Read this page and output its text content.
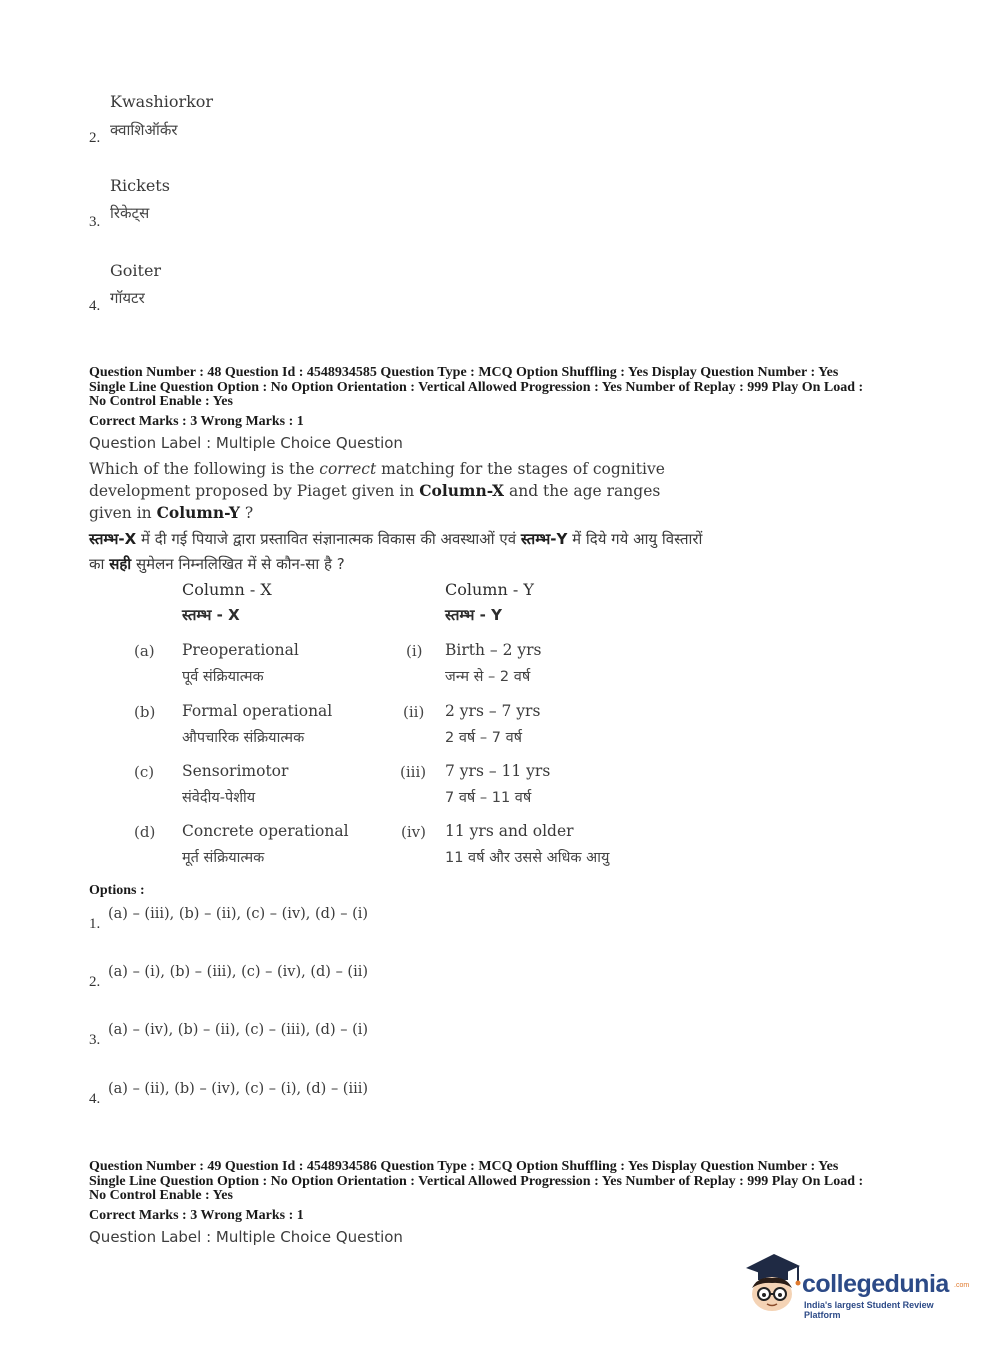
Kwashiorkor
क्वाशिऑर्कर
2.
Rickets
रिकेट्स
3.
Goiter
गॉयटर
4.
Question Number : 48 Question Id : 4548934585 Question Type : MCQ Option Shuffling : Yes Display Question Number : Yes
Single Line Question Option : No Option Orientation : Vertical Allowed Progression : Yes Number of Replay : 999 Play On Load :
No Control Enable : Yes
Correct Marks : 3 Wrong Marks : 1
Question Label : Multiple Choice Question
Which of the following is the correct matching for the stages of cognitive development proposed by Piaget given in Column-X and the age ranges given in Column-Y ?
स्तम्भ-X में दी गई पियाजे द्वारा प्रस्तावित संज्ञानात्मक विकास की अवस्थाओं एवं स्तम्भ-Y में दिये गये आयु विस्तारों का सही सुमेलन निम्नलिखित में से कौन-सा है ?
Column - X
स्तम्भ - X
Column - Y
स्तम्भ - Y
(a) Preoperational
पूर्व संक्रियात्मक
(i) Birth – 2 yrs
जन्म से – 2 वर्ष
(b) Formal operational
औपचारिक संक्रियात्मक
(ii) 2 yrs – 7 yrs
2 वर्ष – 7 वर्ष
(c) Sensorimotor
संवेदीय-पेशीय
(iii) 7 yrs – 11 yrs
7 वर्ष – 11 वर्ष
(d) Concrete operational
मूर्त संक्रियात्मक
(iv) 11 yrs and older
11 वर्ष और उससे अधिक आयु
Options :
(a) – (iii), (b) – (ii), (c) – (iv), (d) – (i)
1.
(a) – (i), (b) – (iii), (c) – (iv), (d) – (ii)
2.
(a) – (iv), (b) – (ii), (c) – (iii), (d) – (i)
3.
(a) – (ii), (b) – (iv), (c) – (i), (d) – (iii)
4.
Question Number : 49 Question Id : 4548934586 Question Type : MCQ Option Shuffling : Yes Display Question Number : Yes
Single Line Question Option : No Option Orientation : Vertical Allowed Progression : Yes Number of Replay : 999 Play On Load :
No Control Enable : Yes
Correct Marks : 3 Wrong Marks : 1
Question Label : Multiple Choice Question
collegedunia .com
India's largest Student Review Platform
